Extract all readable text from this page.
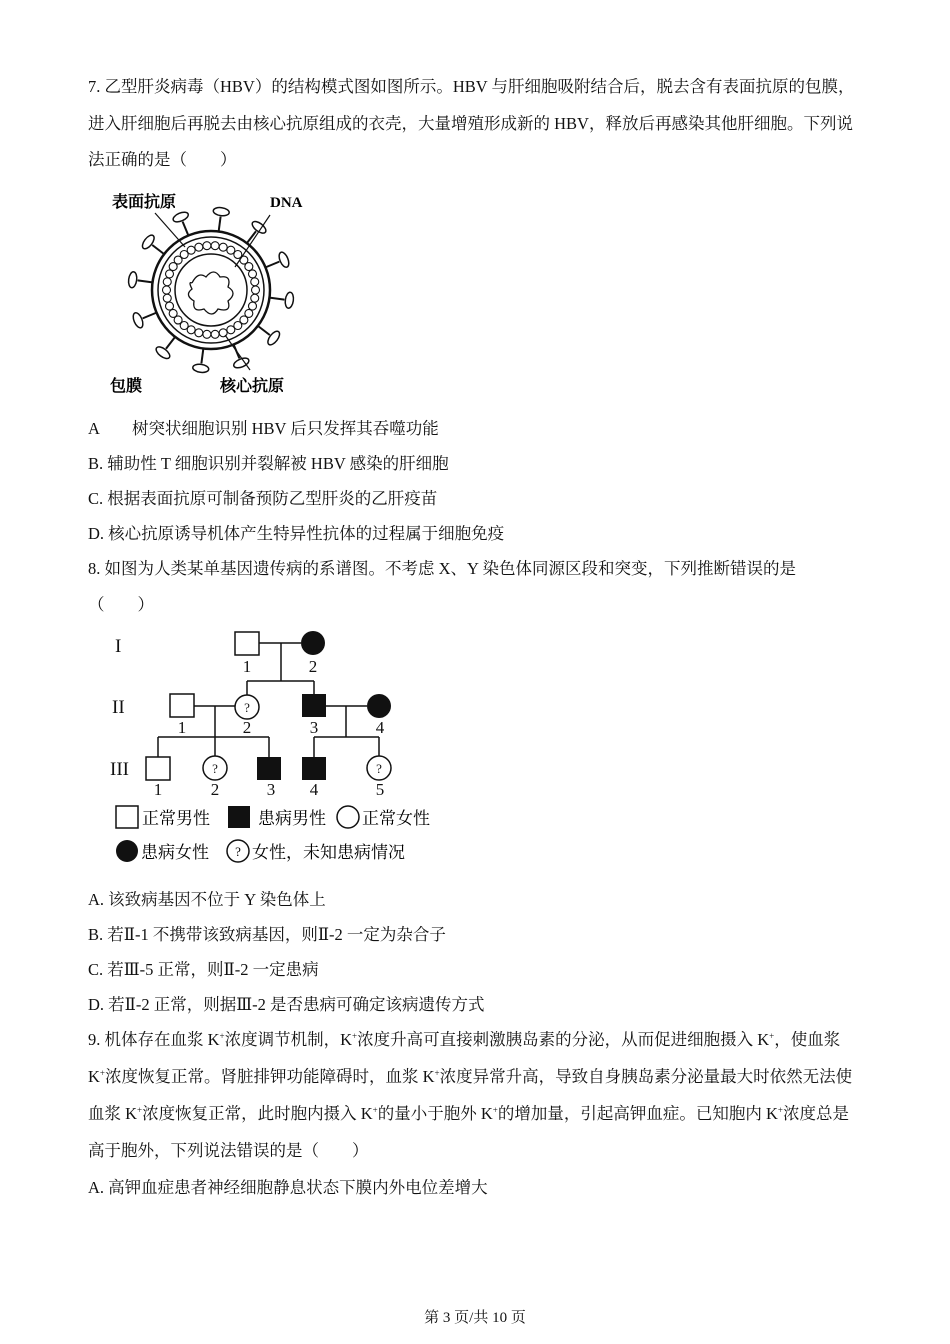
7. 乙型肝炎病毒（HBV）的结构模式图如图所示。HBV 与肝细胞吸附结合后，脱去含有表面抗原的包膜，
进入肝细胞后再脱去由核心抗原组成的衣壳，大量增殖形成新的 HBV，释放后再感染其他肝细胞。下列说
法正确的是（　　）
表面抗原	DNA
包膜	核心抗原
A　　树突状细胞识别 HBV 后只发挥其吞噬功能
B. 辅助性 T 细胞识别并裂解被 HBV 感染的肝细胞
C. 根据表面抗原可制备预防乙型肝炎的乙肝疫苗
D. 核心抗原诱导机体产生特异性抗体的过程属于细胞免疫
8. 如图为人类某单基因遗传病的系谱图。不考虑 X、Y 染色体同源区段和突变，下列推断错误的是
（　　）
I
II
III
?
?	?
1	2
1	2	3	4
1	2	3 4	5
正常男性	患病男性 正常女性
患病女性 ? 女性，未知患病情况
A. 该致病基因不位于 Y 染色体上
B. 若Ⅱ-1 不携带该致病基因，则Ⅱ-2 一定为杂合子
C. 若Ⅲ-5 正常，则Ⅱ-2 一定患病
D. 若Ⅱ-2 正常，则据Ⅲ-2 是否患病可确定该病遗传方式
9. 机体存在血浆 K+浓度调节机制，K+浓度升高可直接刺激胰岛素的分泌，从而促进细胞摄入 K+，使血浆
K+浓度恢复正常。肾脏排钾功能障碍时，血浆 K+浓度异常升高，导致自身胰岛素分泌量最大时依然无法使
血浆 K+浓度恢复正常，此时胞内摄入 K+的量小于胞外 K+的增加量，引起高钾血症。已知胞内 K+浓度总是
高于胞外，下列说法错误的是（　　）
A. 高钾血症患者神经细胞静息状态下膜内外电位差增大
第 3 页/共 10 页
